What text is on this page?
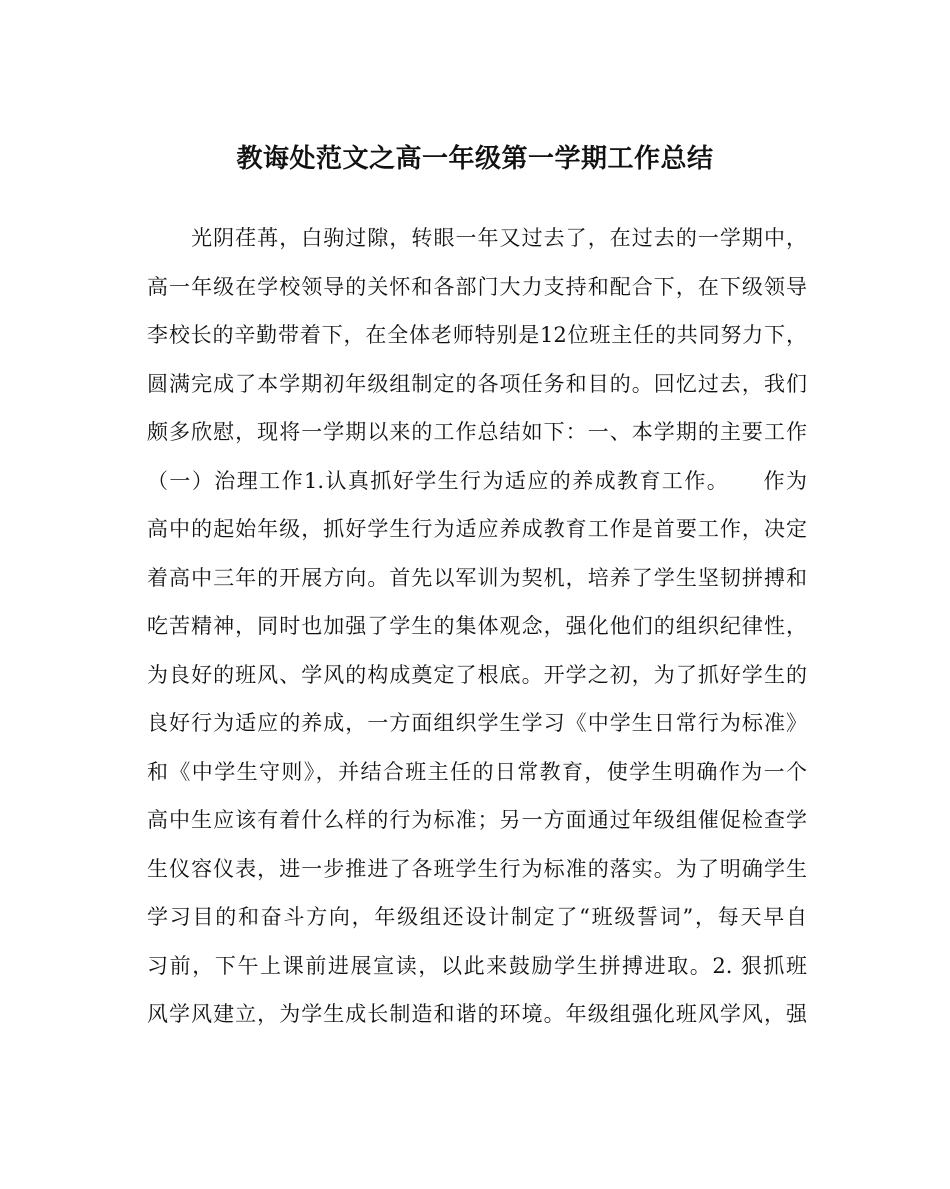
教诲处范文之高一年级第一学期工作总结
　　光阴荏苒，白驹过隙，转眼一年又过去了，在过去的一学期中，
高一年级在学校领导的关怀和各部门大力支持和配合下，在下级领导
李校长的辛勤带着下，在全体老师特别是12位班主任的共同努力下，
圆满完成了本学期初年级组制定的各项任务和目的。回忆过去，我们
颇多欣慰，现将一学期以来的工作总结如下：一、本学期的主要工作
（一）治理工作1.认真抓好学生行为适应的养成教育工作。　　作为
高中的起始年级，抓好学生行为适应养成教育工作是首要工作，决定
着高中三年的开展方向。首先以军训为契机，培养了学生坚韧拼搏和
吃苦精神，同时也加强了学生的集体观念，强化他们的组织纪律性，
为良好的班风、学风的构成奠定了根底。开学之初，为了抓好学生的
良好行为适应的养成，一方面组织学生学习《中学生日常行为标准》
和《中学生守则》，并结合班主任的日常教育，使学生明确作为一个
高中生应该有着什么样的行为标准；另一方面通过年级组催促检查学
生仪容仪表，进一步推进了各班学生行为标准的落实。为了明确学生
学习目的和奋斗方向，年级组还设计制定了“班级誓词”，每天早自
习前，下午上课前进展宣读，以此来鼓励学生拼搏进取。2. 狠抓班
风学风建立，为学生成长制造和谐的环境。年级组强化班风学风，强
